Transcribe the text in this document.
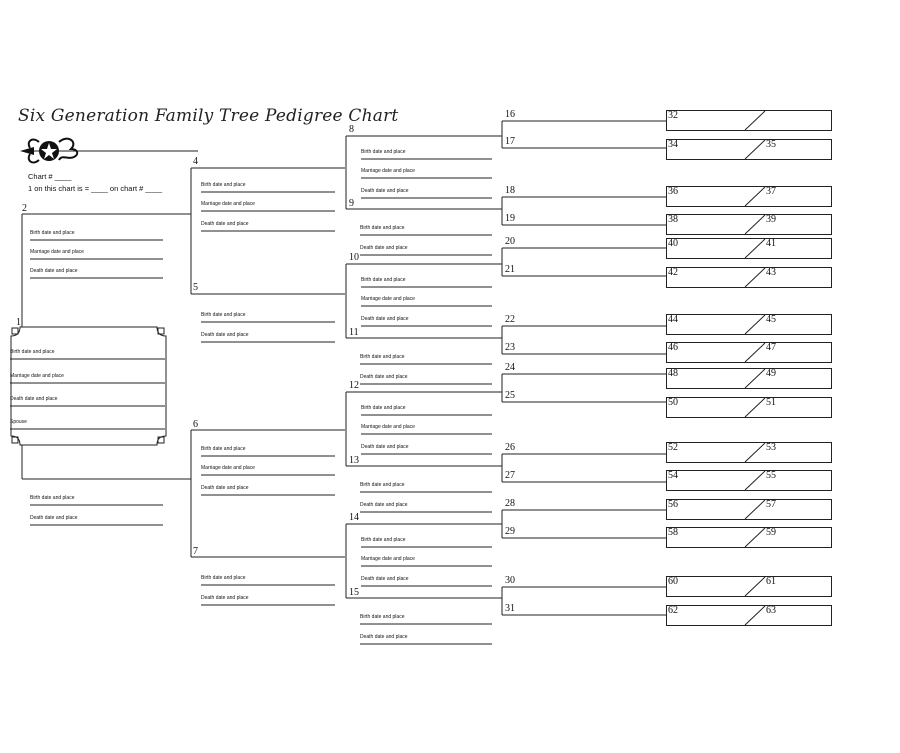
Six Generation Family Tree Pedigree Chart
Chart # ____
1 on this chart is = ____ on chart # ____
1
Birth date and place
Marriage date and place
Death date and place
Spouse
2
Birth date and place
Marriage date and place
Death date and place
Birth date and place
Death date and place
4
5
6
7
Birth date and place
Marriage date and place
Death date and place
Birth date and place
Death date and place
Birth date and place
Marriage date and place
Death date and place
Birth date and place
Death date and place
8
9
Birth date and place
Marriage date and place
Death date and place
Birth date and place
Death date and place
10
11
Birth date and place
Marriage date and place
Death date and place
Birth date and place
Death date and place
12
13
Birth date and place
Marriage date and place
Death date and place
Birth date and place
Death date and place
14
15
Birth date and place
Marriage date and place
Death date and place
Birth date and place
Death date and place
16
17
18
19
20
21
22
23
24
25
26
27
28
29
30
31
32
34	35
36	37
38	39
40	41
42	43
44	45
46	47
48	49
50	51
52	53
54	55
56	57
58	59
60	61
62	63
